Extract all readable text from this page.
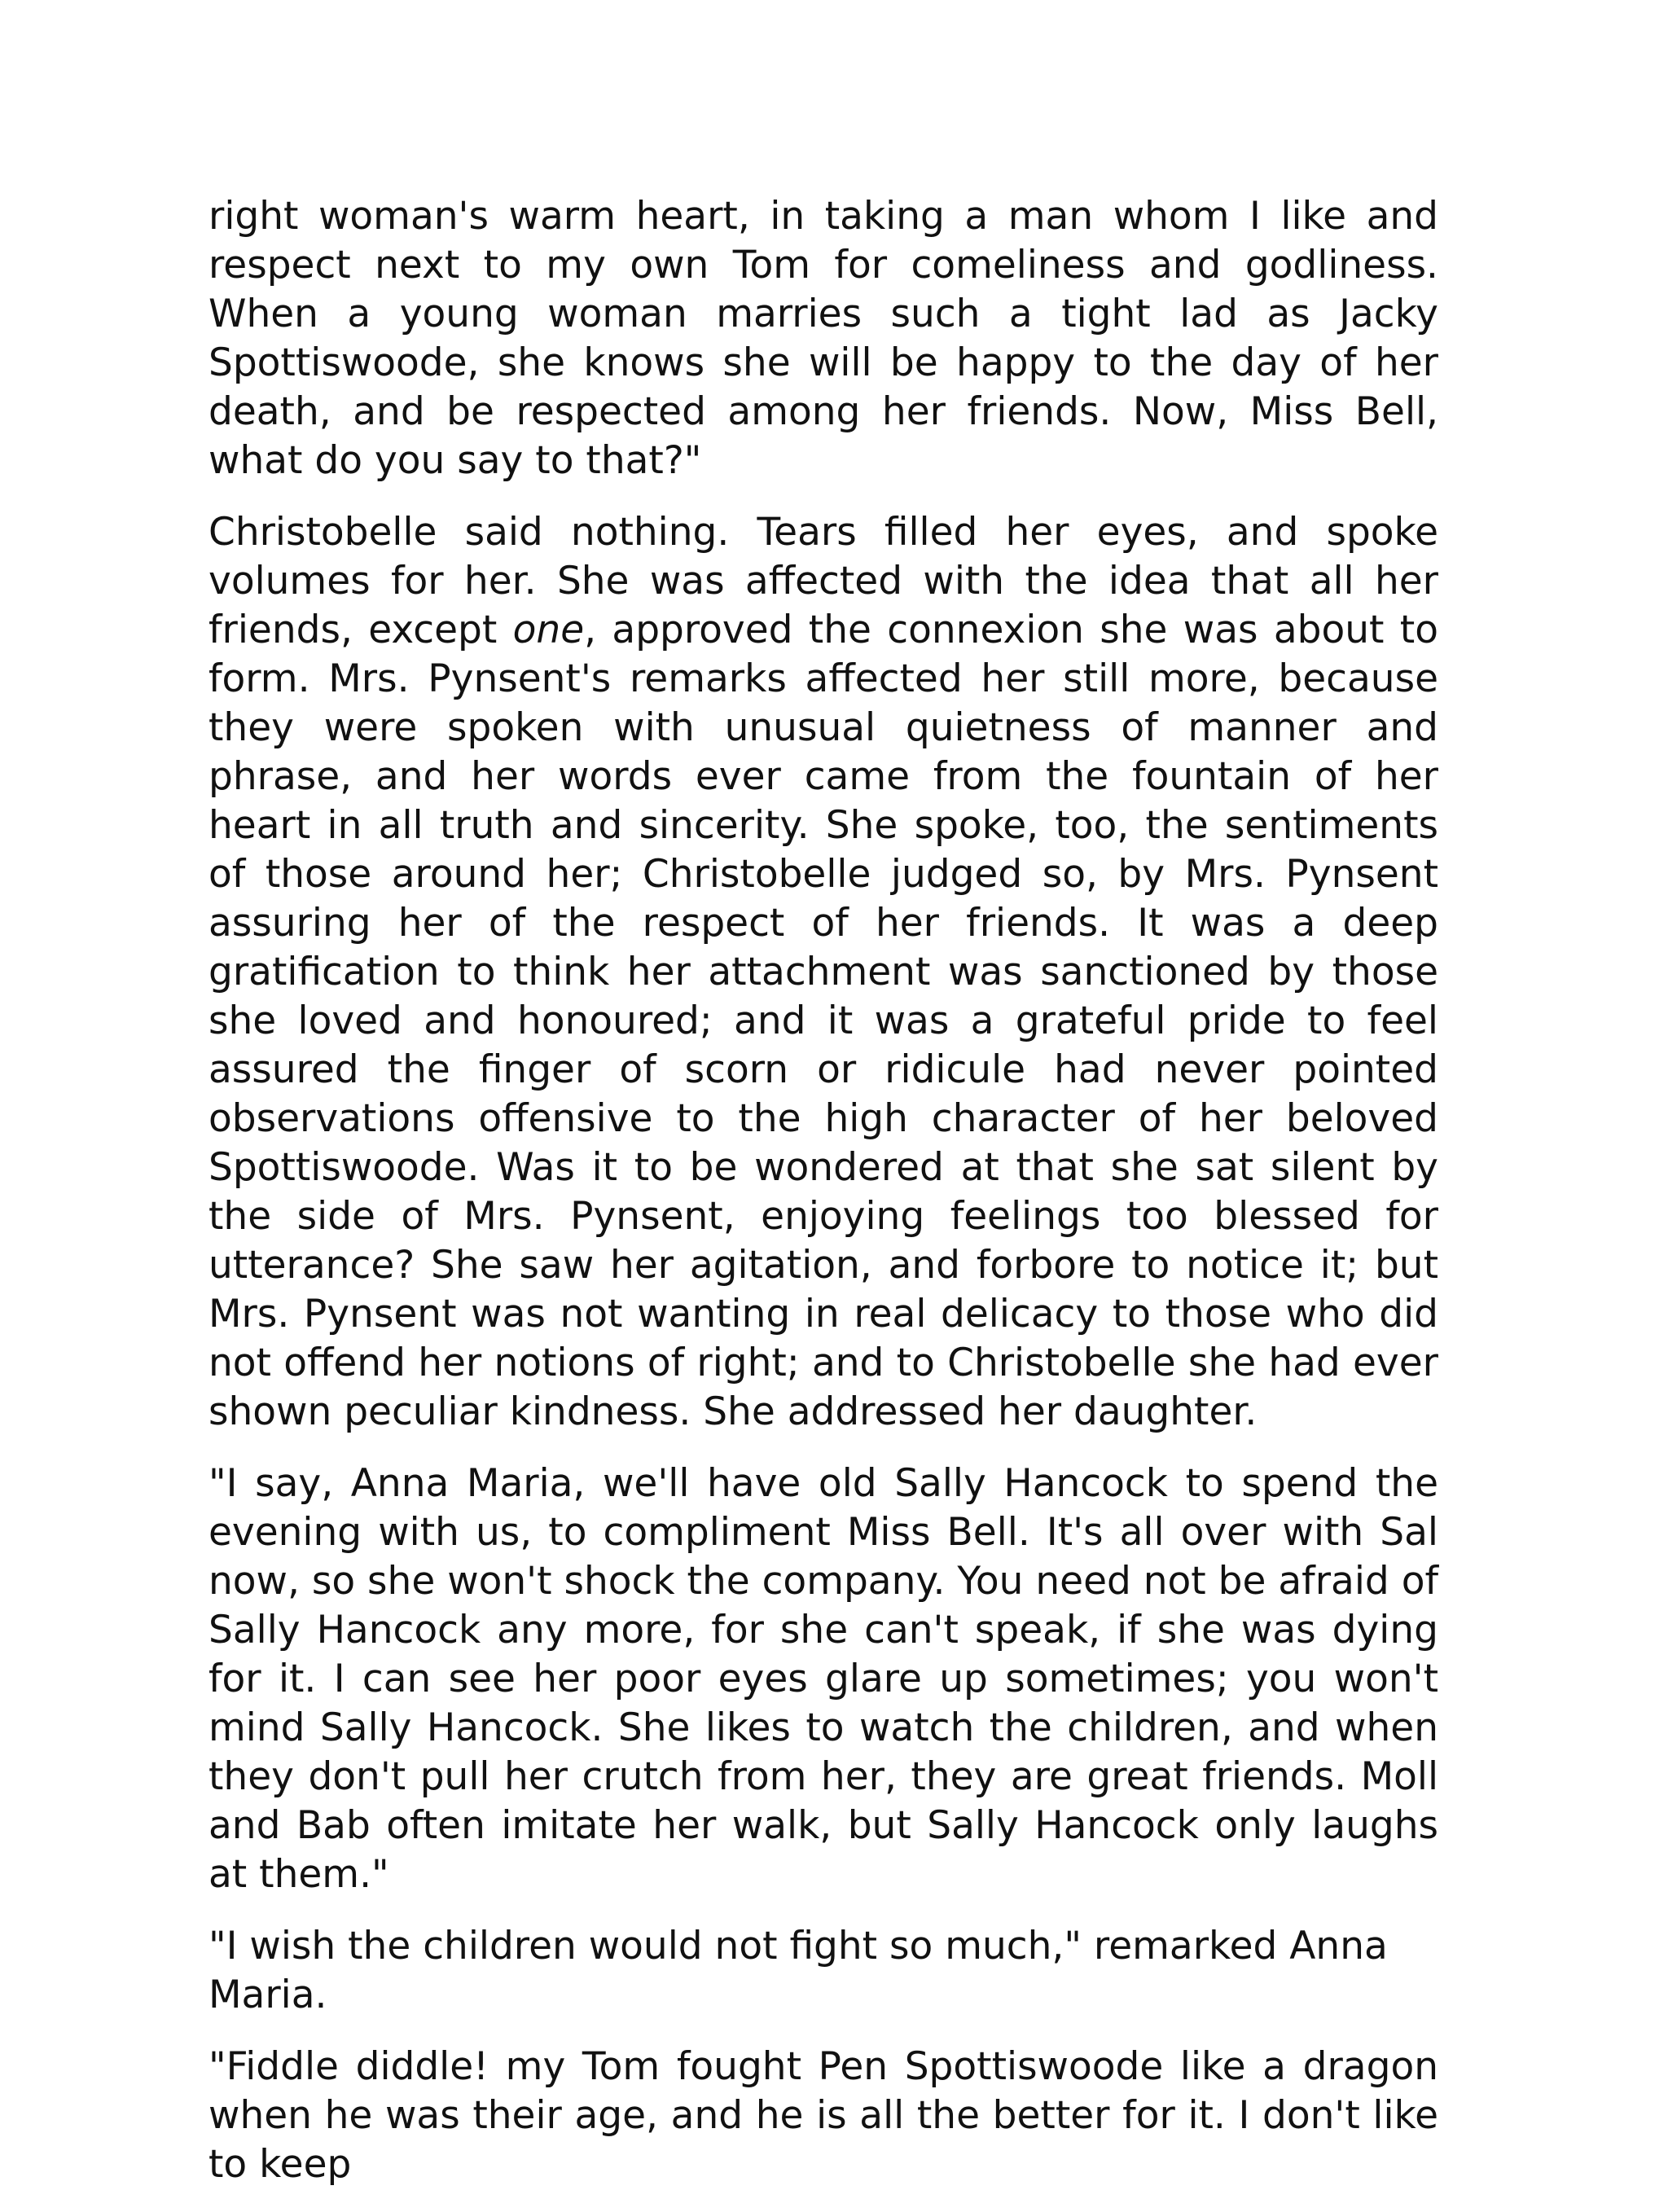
right woman's warm heart, in taking a man whom I like and respect next to my own Tom for comeliness and godliness. When a young woman marries such a tight lad as Jacky Spottiswoode, she knows she will be happy to the day of her death, and be respected among her friends. Now, Miss Bell, what do you say to that?"

Christobelle said nothing. Tears filled her eyes, and spoke volumes for her. She was affected with the idea that all her friends, except one, approved the connexion she was about to form. Mrs. Pynsent's remarks affected her still more, because they were spoken with unusual quietness of manner and phrase, and her words ever came from the fountain of her heart in all truth and sincerity. She spoke, too, the sentiments of those around her; Christobelle judged so, by Mrs. Pynsent assuring her of the respect of her friends. It was a deep gratification to think her attachment was sanctioned by those she loved and honoured; and it was a grateful pride to feel assured the finger of scorn or ridicule had never pointed observations offensive to the high character of her beloved Spottiswoode. Was it to be wondered at that she sat silent by the side of Mrs. Pynsent, enjoying feelings too blessed for utterance? She saw her agitation, and forbore to notice it; but Mrs. Pynsent was not wanting in real delicacy to those who did not offend her notions of right; and to Christobelle she had ever shown peculiar kindness. She addressed her daughter.

"I say, Anna Maria, we'll have old Sally Hancock to spend the evening with us, to compliment Miss Bell. It's all over with Sal now, so she won't shock the company. You need not be afraid of Sally Hancock any more, for she can't speak, if she was dying for it. I can see her poor eyes glare up sometimes; you won't mind Sally Hancock. She likes to watch the children, and when they don't pull her crutch from her, they are great friends. Moll and Bab often imitate her walk, but Sally Hancock only laughs at them."

"I wish the children would not fight so much," remarked Anna Maria.

"Fiddle diddle! my Tom fought Pen Spottiswoode like a dragon when he was their age, and he is all the better for it. I don't like to keep
